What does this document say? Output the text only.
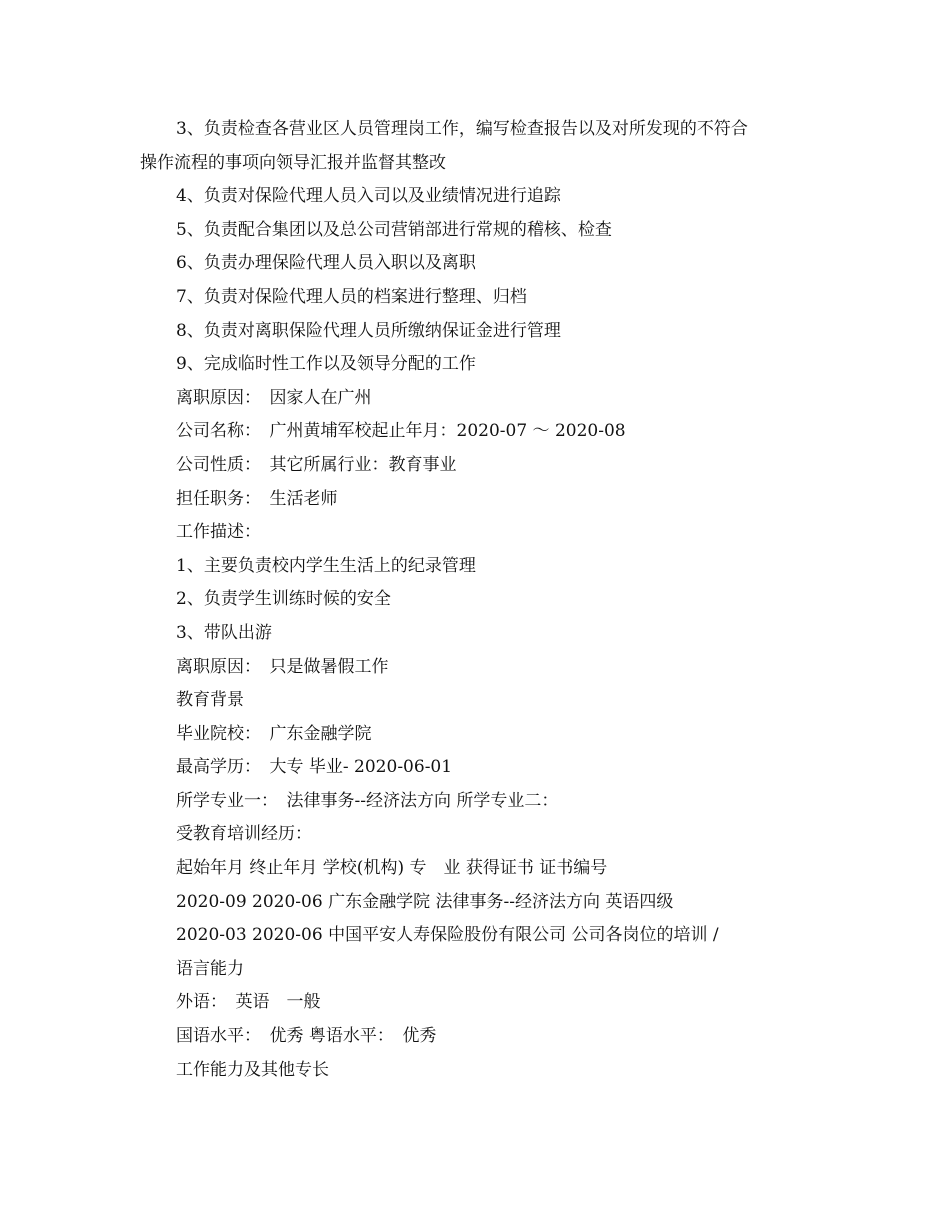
3、负责检查各营业区人员管理岗工作，编写检查报告以及对所发现的不符合
操作流程的事项向领导汇报并监督其整改
4、负责对保险代理人员入司以及业绩情况进行追踪
5、负责配合集团以及总公司营销部进行常规的稽核、检查
6、负责办理保险代理人员入职以及离职
7、负责对保险代理人员的档案进行整理、归档
8、负责对离职保险代理人员所缴纳保证金进行管理
9、完成临时性工作以及领导分配的工作
离职原因：　因家人在广州
公司名称：　广州黄埔军校起止年月：2020-07 ～ 2020-08
公司性质：　其它所属行业：教育事业
担任职务：　生活老师
工作描述：
1、主要负责校内学生生活上的纪录管理
2、负责学生训练时候的安全
3、带队出游
离职原因：　只是做暑假工作
教育背景
毕业院校：　广东金融学院
最高学历：　大专 毕业- 2020-06-01
所学专业一：　法律事务--经济法方向 所学专业二：
受教育培训经历：
起始年月 终止年月 学校(机构) 专　业 获得证书 证书编号
2020-09 2020-06 广东金融学院 法律事务--经济法方向 英语四级
2020-03 2020-06 中国平安人寿保险股份有限公司 公司各岗位的培训 /
语言能力
外语：　英语　一般
国语水平：　优秀 粤语水平：　优秀
工作能力及其他专长
